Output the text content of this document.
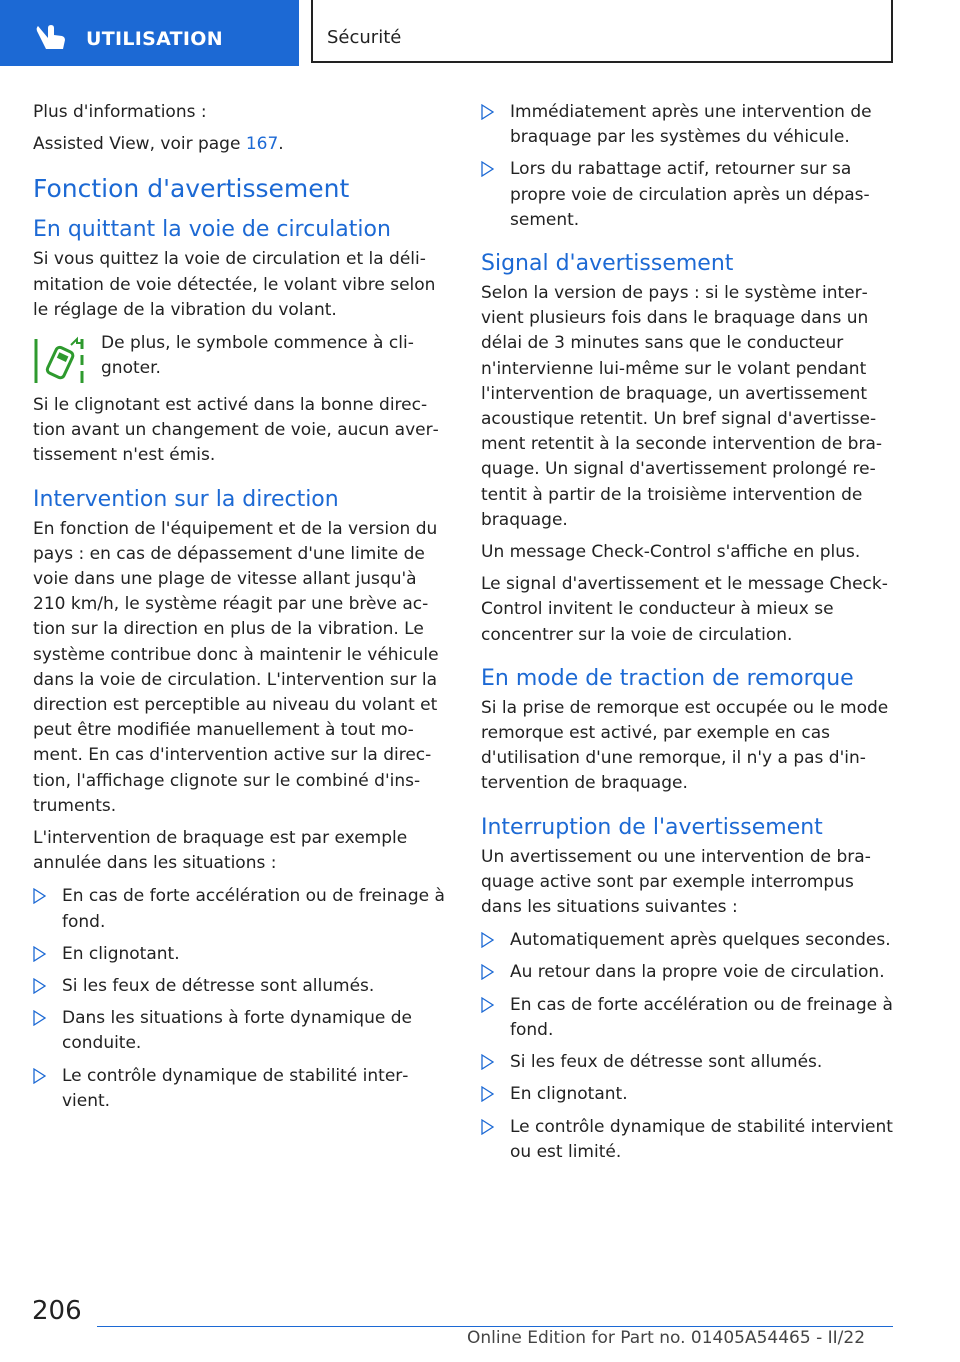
UTILISATION	Sécurité

Plus d'informations :

Assisted View, voir page 167.

Fonction d'avertissement
En quittant la voie de circulation

Si vous quittez la voie de circulation et la délimitation de voie détectée, le volant vibre selon le réglage de la vibration du volant.

De plus, le symbole commence à clignoter.

Si le clignotant est activé dans la bonne direction avant un changement de voie, aucun avertissement n'est émis.

Intervention sur la direction

En fonction de l'équipement et de la version du pays : en cas de dépassement d'une limite de voie dans une plage de vitesse allant jusqu'à 210 km/h, le système réagit par une brève action sur la direction en plus de la vibration. Le système contribue donc à maintenir le véhicule dans la voie de circulation. L'intervention sur la direction est perceptible au niveau du volant et peut être modifiée manuellement à tout moment. En cas d'intervention active sur la direction, l'affichage clignote sur le combiné d'instruments.

L'intervention de braquage est par exemple annulée dans les situations :

En cas de forte accélération ou de freinage à fond.
En clignotant.
Si les feux de détresse sont allumés.
Dans les situations à forte dynamique de conduite.
Le contrôle dynamique de stabilité intervient.
Immédiatement après une intervention de braquage par les systèmes du véhicule.
Lors du rabattage actif, retourner sur sa propre voie de circulation après un dépassement.
Signal d'avertissement

Selon la version de pays : si le système intervient plusieurs fois dans le braquage dans un délai de 3 minutes sans que le conducteur n'intervienne lui-même sur le volant pendant l'intervention de braquage, un avertissement acoustique retentit. Un bref signal d'avertissement retentit à la seconde intervention de braquage. Un signal d'avertissement prolongé retentit à partir de la troisième intervention de braquage.

Un message Check-Control s'affiche en plus.

Le signal d'avertissement et le message Check-Control invitent le conducteur à mieux se concentrer sur la voie de circulation.

En mode de traction de remorque

Si la prise de remorque est occupée ou le mode remorque est activé, par exemple en cas d'utilisation d'une remorque, il n'y a pas d'intervention de braquage.

Interruption de l'avertissement

Un avertissement ou une intervention de braquage active sont par exemple interrompus dans les situations suivantes :

Automatiquement après quelques secondes.
Au retour dans la propre voie de circulation.
En cas de forte accélération ou de freinage à fond.
Si les feux de détresse sont allumés.
En clignotant.
Le contrôle dynamique de stabilité intervient ou est limité.
206
Online Edition for Part no. 01405A54465 - II/22
